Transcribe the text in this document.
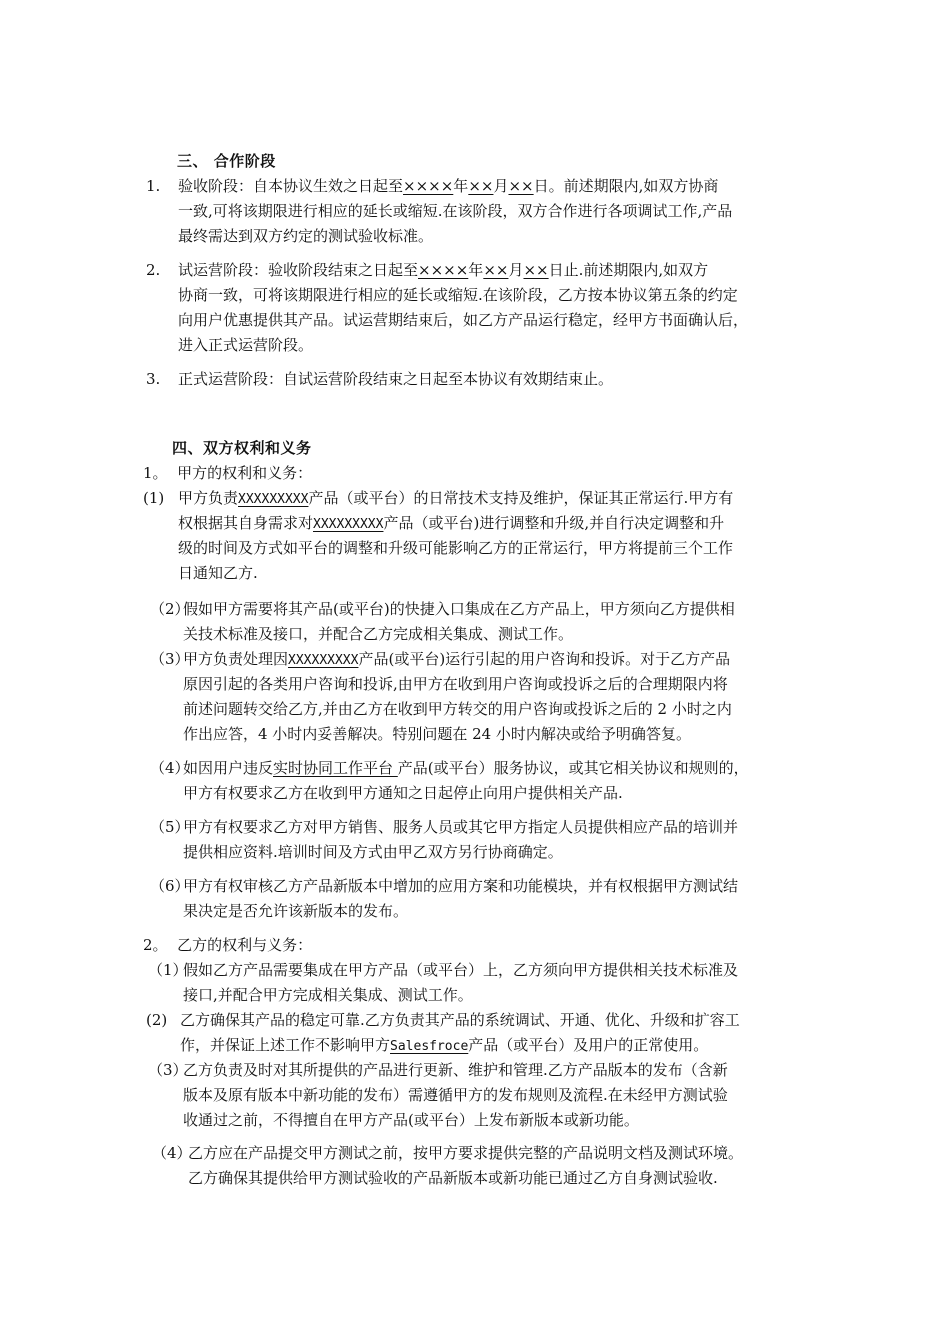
三、 合作阶段
1. 验收阶段：自本协议生效之日起至××××年××月××日。前述期限内,如双方协商
一致,可将该期限进行相应的延长或缩短.在该阶段，双方合作进行各项调试工作,产品
最终需达到双方约定的测试验收标准。
2. 试运营阶段：验收阶段结束之日起至××××年××月××日止.前述期限内,如双方
协商一致，可将该期限进行相应的延长或缩短.在该阶段，乙方按本协议第五条的约定
向用户优惠提供其产品。试运营期结束后，如乙方产品运行稳定，经甲方书面确认后，
进入正式运营阶段。
3. 正式运营阶段：自试运营阶段结束之日起至本协议有效期结束止。
四、双方权利和义务
1。  甲方的权利和义务：
(1) 甲方负责XXXXXXXXX产品（或平台）的日常技术支持及维护，保证其正常运行.甲方有
权根据其自身需求对XXXXXXXXX产品（或平台)进行调整和升级,并自行决定调整和升
级的时间及方式如平台的调整和升级可能影响乙方的正常运行，甲方将提前三个工作
日通知乙方.
（2）
假如甲方需要将其产品(或平台)的快捷入口集成在乙方产品上，甲方须向乙方提供相
关技术标准及接口，并配合乙方完成相关集成、测试工作。
（3）
甲方负责处理因XXXXXXXXX产品(或平台)运行引起的用户咨询和投诉。对于乙方产品
原因引起的各类用户咨询和投诉,由甲方在收到用户咨询或投诉之后的合理期限内将
前述问题转交给乙方,并由乙方在收到甲方转交的用户咨询或投诉之后的 2 小时之内
作出应答，4 小时内妥善解决。特别问题在 24 小时内解决或给予明确答复。
（4）
如因用户违反实时协同工作平台 产品(或平台）服务协议，或其它相关协议和规则的，
甲方有权要求乙方在收到甲方通知之日起停止向用户提供相关产品.
（5）
甲方有权要求乙方对甲方销售、服务人员或其它甲方指定人员提供相应产品的培训并
提供相应资料.培训时间及方式由甲乙双方另行协商确定。
（6）
甲方有权审核乙方产品新版本中增加的应用方案和功能模块，并有权根据甲方测试结
果决定是否允许该新版本的发布。
2。  乙方的权利与义务：
（1）
假如乙方产品需要集成在甲方产品（或平台）上，乙方须向甲方提供相关技术标准及
接口,并配合甲方完成相关集成、测试工作。
(2) 乙方确保其产品的稳定可靠.乙方负责其产品的系统调试、开通、优化、升级和扩容工
作，并保证上述工作不影响甲方Salesfroce产品（或平台）及用户的正常使用。
（3）
乙方负责及时对其所提供的产品进行更新、维护和管理.乙方产品版本的发布（含新
版本及原有版本中新功能的发布）需遵循甲方的发布规则及流程.在未经甲方测试验
收通过之前，不得擅自在甲方产品(或平台）上发布新版本或新功能。
（4）
乙方应在产品提交甲方测试之前，按甲方要求提供完整的产品说明文档及测试环境。
乙方确保其提供给甲方测试验收的产品新版本或新功能已通过乙方自身测试验收.
